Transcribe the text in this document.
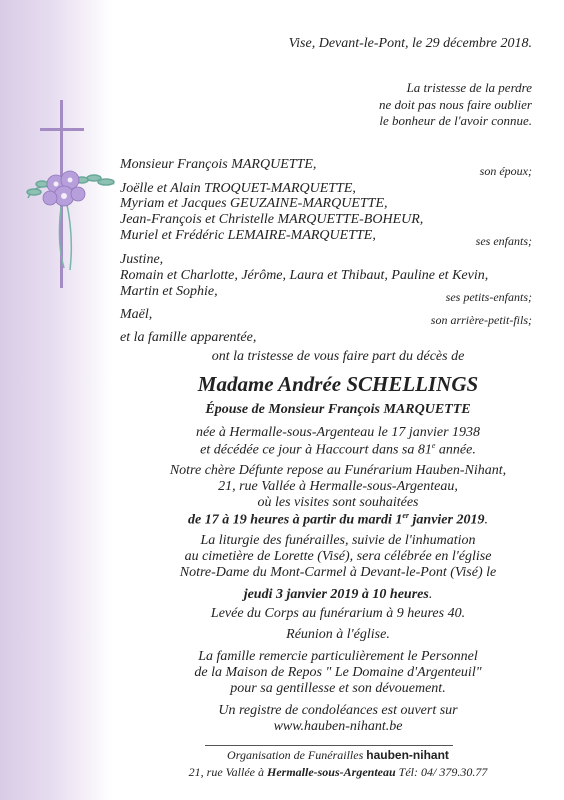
Vise, Devant-le-Pont, le 29 décembre 2018.
La tristesse de la perdre
ne doit pas nous faire oublier
le bonheur de l'avoir connue.
Monsieur François MARQUETTE,	son époux;
Joëlle et Alain TROQUET-MARQUETTE,
Myriam et Jacques GEUZAINE-MARQUETTE,
Jean-François et Christelle MARQUETTE-BOHEUR,
Muriel et Frédéric LEMAIRE-MARQUETTE,	ses enfants;
Justine,
Romain et Charlotte, Jérôme, Laura et Thibaut, Pauline et Kevin,
Martin et Sophie,	ses petits-enfants;
Maël,	son arrière-petit-fils;
et la famille apparentée,
ont la tristesse de vous faire part du décès de
Madame Andrée SCHELLINGS
Épouse de Monsieur François MARQUETTE
née à Hermalle-sous-Argenteau le 17 janvier 1938
et décédée ce jour à Haccourt dans sa 81e année.
Notre chère Défunte repose au Funérarium Hauben-Nihant,
21, rue Vallée à Hermalle-sous-Argenteau,
où les visites sont souhaitées
de 17 à 19 heures à partir du mardi 1er janvier 2019.
La liturgie des funérailles, suivie de l'inhumation
au cimetière de Lorette (Visé), sera célébrée en l'église
Notre-Dame du Mont-Carmel à Devant-le-Pont (Visé) le
jeudi 3 janvier 2019 à 10 heures.
Levée du Corps au funérarium à 9 heures 40.
Réunion à l'église.
La famille remercie particulièrement le Personnel
de la Maison de Repos " Le Domaine d'Argenteuil"
pour sa gentillesse et son dévouement.
Un registre de condoléances est ouvert sur
www.hauben-nihant.be
Organisation de Funérailles hauben-nihant
21, rue Vallée à Hermalle-sous-Argenteau Tél: 04/ 379.30.77
